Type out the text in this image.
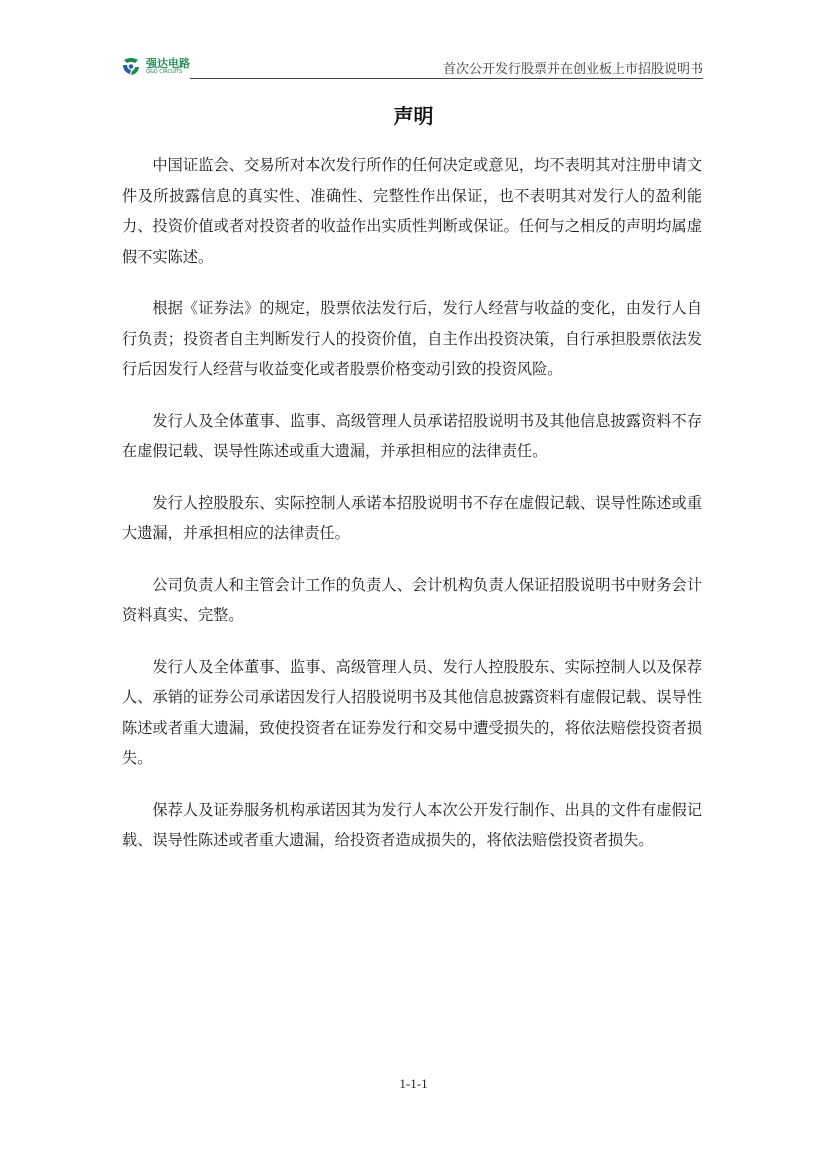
强达电路
Q&D CIRCUITS	首次公开发行股票并在创业板上市招股说明书
声明

中国证监会、交易所对本次发行所作的任何决定或意见，均不表明其对注册申请文件及所披露信息的真实性、准确性、完整性作出保证，也不表明其对发行人的盈利能力、投资价值或者对投资者的收益作出实质性判断或保证。任何与之相反的声明均属虚假不实陈述。

根据《证券法》的规定，股票依法发行后，发行人经营与收益的变化，由发行人自行负责；投资者自主判断发行人的投资价值，自主作出投资决策，自行承担股票依法发行后因发行人经营与收益变化或者股票价格变动引致的投资风险。

发行人及全体董事、监事、高级管理人员承诺招股说明书及其他信息披露资料不存在虚假记载、误导性陈述或重大遗漏，并承担相应的法律责任。

发行人控股股东、实际控制人承诺本招股说明书不存在虚假记载、误导性陈述或重大遗漏，并承担相应的法律责任。

公司负责人和主管会计工作的负责人、会计机构负责人保证招股说明书中财务会计资料真实、完整。

发行人及全体董事、监事、高级管理人员、发行人控股股东、实际控制人以及保荐人、承销的证券公司承诺因发行人招股说明书及其他信息披露资料有虚假记载、误导性陈述或者重大遗漏，致使投资者在证券发行和交易中遭受损失的，将依法赔偿投资者损失。

保荐人及证券服务机构承诺因其为发行人本次公开发行制作、出具的文件有虚假记载、误导性陈述或者重大遗漏，给投资者造成损失的，将依法赔偿投资者损失。

1-1-1
